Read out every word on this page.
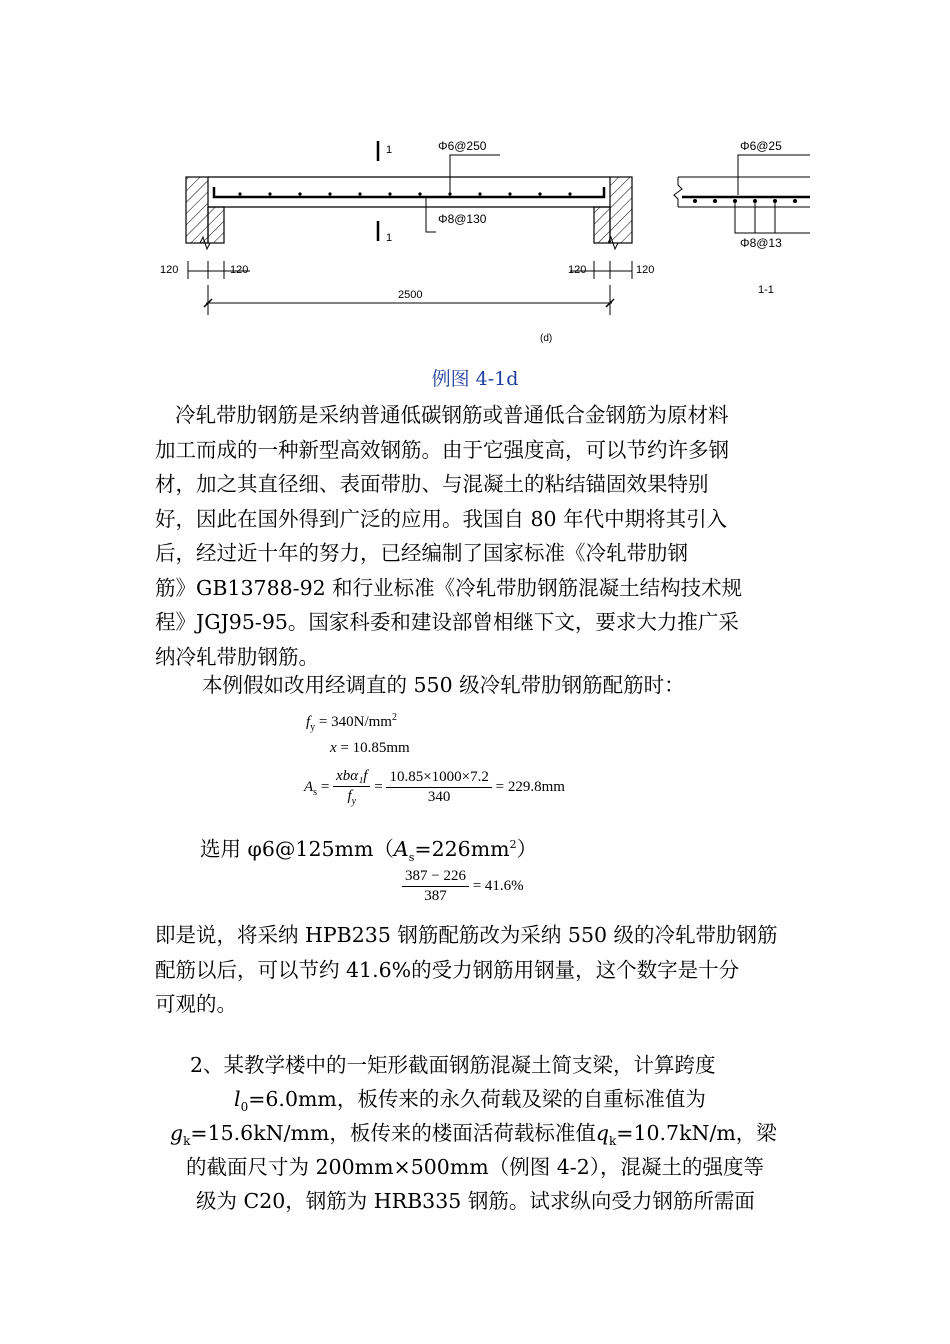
1
1
Φ6@250
Φ8@130
120	120	120	120
2500
(d)
Φ6@25
Φ8@13
1-1
例图 4-1d
冷轧带肋钢筋是采纳普通低碳钢筋或普通低合金钢筋为原材料
加工而成的一种新型高效钢筋。由于它强度高，可以节约许多钢
材，加之其直径细、表面带肋、与混凝土的粘结锚固效果特别
好，因此在国外得到广泛的应用。我国自 80 年代中期将其引入
后，经过近十年的努力，已经编制了国家标准《冷轧带肋钢
筋》GB13788-92 和行业标准《冷轧带肋钢筋混凝土结构技术规
程》JGJ95-95。国家科委和建设部曾相继下文，要求大力推广采
纳冷轧带肋钢筋。
本例假如改用经调直的 550 级冷轧带肋钢筋配筋时：
$f_y = 340N/mm^2$
x = 10.85mm
$A_s = \frac{\text{xbα₁f}}{f_y} = \frac{10.85\times 1000\times 7.2}{340} = 229.8mm$
选用 $\varphi 6@125mm(A_s=226mm^2)$
$\frac{387 - 226}{387} = 41.6\%$
即是说，将采纳 HPB235 钢筋配筋改为采纳 550 级的冷轧带肋钢筋
配筋以后，可以节约 41.6%的受力钢筋用钢量，这个数字是十分
可观的。
2、某教学楼中的一矩形截面钢筋混凝土简支梁，计算跨度
$l_0=6.0mm$，板传来的永久荷载及梁的自重标准值为
$g_k=15.6kN/mm$，板传来的楼面活荷载标准值$q_k=10.7kN/m$，梁
的截面尺寸为 200mm×500mm（例图 4-2），混凝土的强度等
级为 C20，钢筋为 HRB335 钢筋。试求纵向受力钢筋所需面
